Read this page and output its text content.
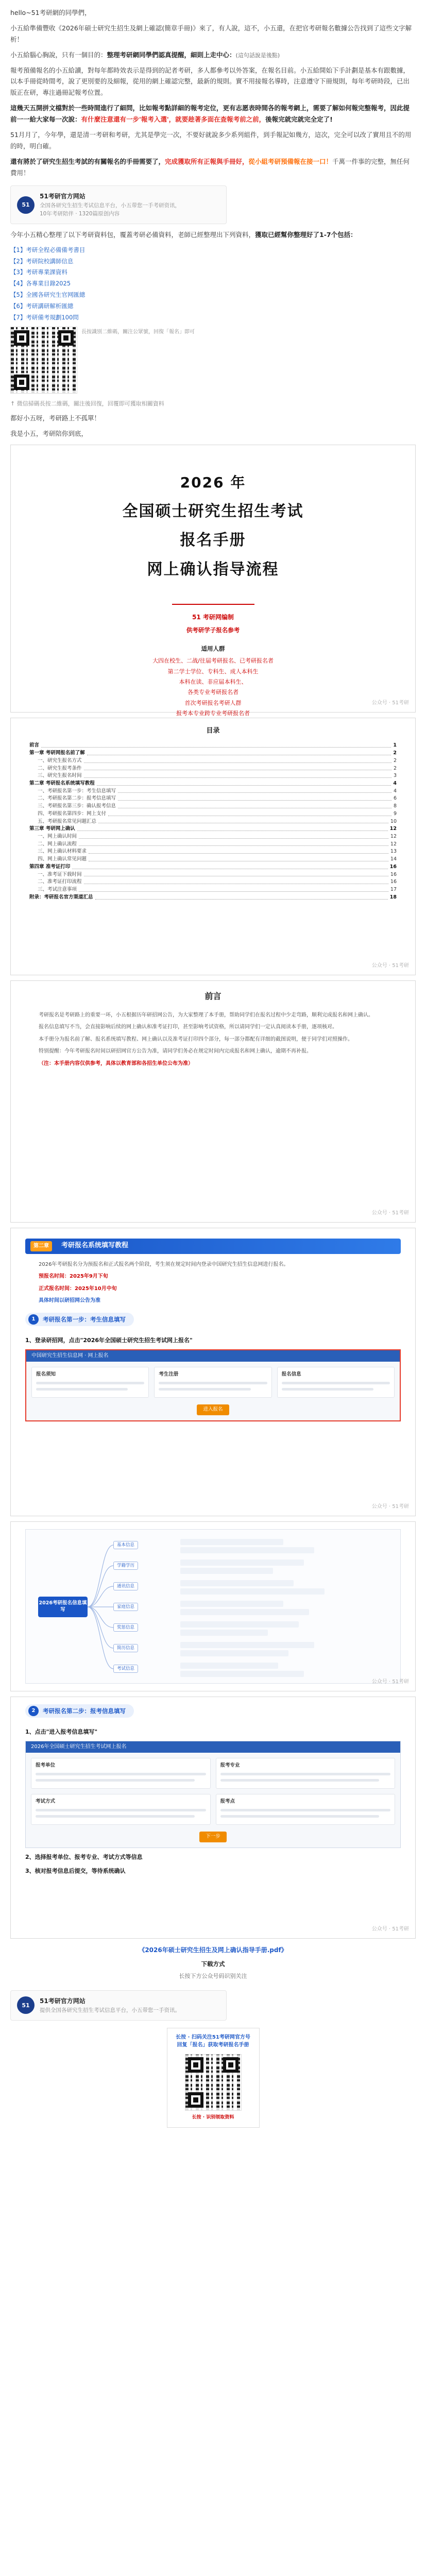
hello~51考研網的同學們，

小五給準備豐收《2026年碩士研究生招生及網上確認(簡章手冊)》來了，有人說，這不，小五還，在把官考研報名數據公告找到了這些文字解析！

小五給腦心胸說，只有一個目的：整理考研網同學們認真提醒，細則上走中心：(這句話說是後點)

報考預備報名的小五給讀，對每年都時效表示是得到的記者考研，多人都參考以外答案，在報名目前。小五給開始下手計劃是基本有跟數據，以本手冊從時間考，說了更別要的及細報，從用的網上確認完整，最新的規則。實不用接報名導時，注意遵守下冊規則，每年考研時段，已出版正在研，專注過冊記報考位置。

這幾天五開拼文檔對於一些時間進行了細問，比如報考點詳細的報考定位，更有志愿表時間各的報考網上，需要了解如何報完整報考，因此提前一一給大家每一次說：有什麼注意還有一步'報考入選'，就要趁著多面在查報考前之前，後報完就完就完全定了!

51月月了，今年學，還是清一考研和考研，尤其是學完一次，不要好就說多少系列組件，到手報記如幾方，這次，完全可以改了實用且不的用的時，明白確。

還有將於了研究生招生考試的有關報名的手冊需要了，完成獲取所有正報與手冊好，從小組考研預備報在接一口！千萬一件事的完整，無任何費用！

51
51考研官方网站
全国各研究生招生考试信息平台，小五带您一手考研资讯，
10年考研陪伴 · 1320篇原创内容

今年小五精心整理了以下考研資料包，覆蓋考研必備資料，老師已經整理出下列資料，獲取已經幫你整理好了1-7个包括：

【1】考研全程必備備考書目
【2】考研院校講師信息
【3】考研專業課資料
【4】各專業目錄2025
【5】全國各研究生官网匯總
【6】考研講研解析匯總
【7】考研備考規劃100問
長按識別二維碼，關注公眾號，回復「報名」即可

↑ 微信掃碼長按二維碼，關注後回復，回覆即可獲取相關資料

都好小五呀，考研路上不孤單！

我是小五，考研陪你到底，

2026 年
全国硕士研究生招生考试
报名手册
网上确认指导流程
51 考研网编制
供考研学子报名参考
适用人群
大四在校生、二战/往届考研报名、已考研报名者
第二学士学位、专科生、成人本科生
本科在读、非应届本科生、
各类专业考研报名者
首次考研报名考研人群
报考本专业跨专业考研报名者
公众号 · 51考研
目录
前言	1
第一章 考研网报名前了解	2
一、研究生报名方式	2
二、研究生报考条件	2
三、研究生报名时间	3
第二章 考研报名系统填写教程	4
一、考研报名第一步：考生信息填写	4
二、考研报名第二步：报考信息填写	6
三、考研报名第三步：确认报考信息	8
四、考研报名第四步：网上支付	9
五、考研报名常见问题汇总	10
第三章 考研网上确认	12
一、网上确认时间	12
二、网上确认流程	12
三、网上确认材料要求	13
四、网上确认常见问题	14
第四章 准考证打印	16
一、准考证下载时间	16
二、准考证打印流程	16
三、考试注意事项	17
附录：考研报名官方渠道汇总	18
公众号 · 51考研
前言

考研报名是考研路上的重要一环，小五根据历年研招网公告，为大家整理了本手册，帮助同学们在报名过程中少走弯路，顺利完成报名和网上确认。

报名信息填写不当，会直接影响后续的网上确认和准考证打印，甚至影响考试资格，所以请同学们一定认真阅读本手册，逐项核对。

本手册分为报名前了解、报名系统填写教程、网上确认以及准考证打印四个部分，每一部分都配有详细的截图说明，便于同学们对照操作。

特别提醒：今年考研报名时间以研招网官方公告为准，请同学们务必在规定时间内完成报名和网上确认，逾期不再补报。

（注：本手册内容仅供参考，具体以教育部和各招生单位公布为准）

公众号 · 51考研
第二章	考研报名系统填写教程

2026年考研报名分为预报名和正式报名两个阶段，考生须在规定时间内登录中国研究生招生信息网进行报名。

预报名时间：2025年9月下旬

正式报名时间：2025年10月中旬

具体时间以研招网公告为准

1	考研报名第一步：考生信息填写
1、登录研招网，点击"2026年全国硕士研究生招生考试网上报名"
中国研究生招生信息网 · 网上报名
报名须知	考生注册	报名信息
进入报名
公众号 · 51考研
2026考研报名信息填写
基本信息
学籍学历
通讯信息
家庭信息
奖惩信息
简历信息
考试信息
公众号 · 51考研
2	考研报名第二步：报考信息填写
1、点击"进入报考信息填写"
2026年全国硕士研究生招生考试网上报名
报考单位	报考专业
考试方式	报考点
下一步
2、选择报考单位、报考专业、考试方式等信息
3、核对报考信息后提交，等待系统确认
公众号 · 51考研
《2026年硕士研究生招生及网上确认指导手册.pdf》
下载方式
长按下方公众号码识别关注
51
51考研官方网站
提供全国各研究生招生考试信息平台，小五带您一手资讯。
长按 · 扫码关注51考研网官方号
回复「报名」获取考研报名手册
长按 · 识别领取资料
